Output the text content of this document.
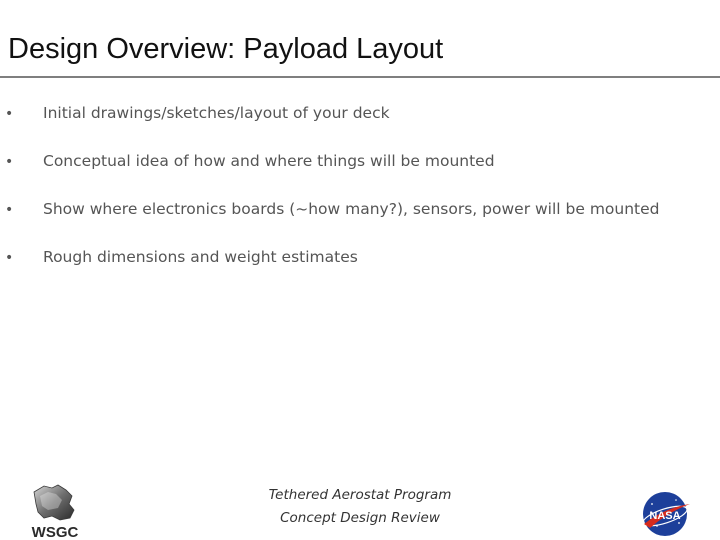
Design Overview: Payload Layout
• Initial drawings/sketches/layout of your deck
• Conceptual idea of how and where things will be mounted
• Show where electronics boards (~how many?), sensors, power will be mounted
• Rough dimensions and weight estimates
Tethered Aerostat Program
Concept Design Review
WSGC
NASA
